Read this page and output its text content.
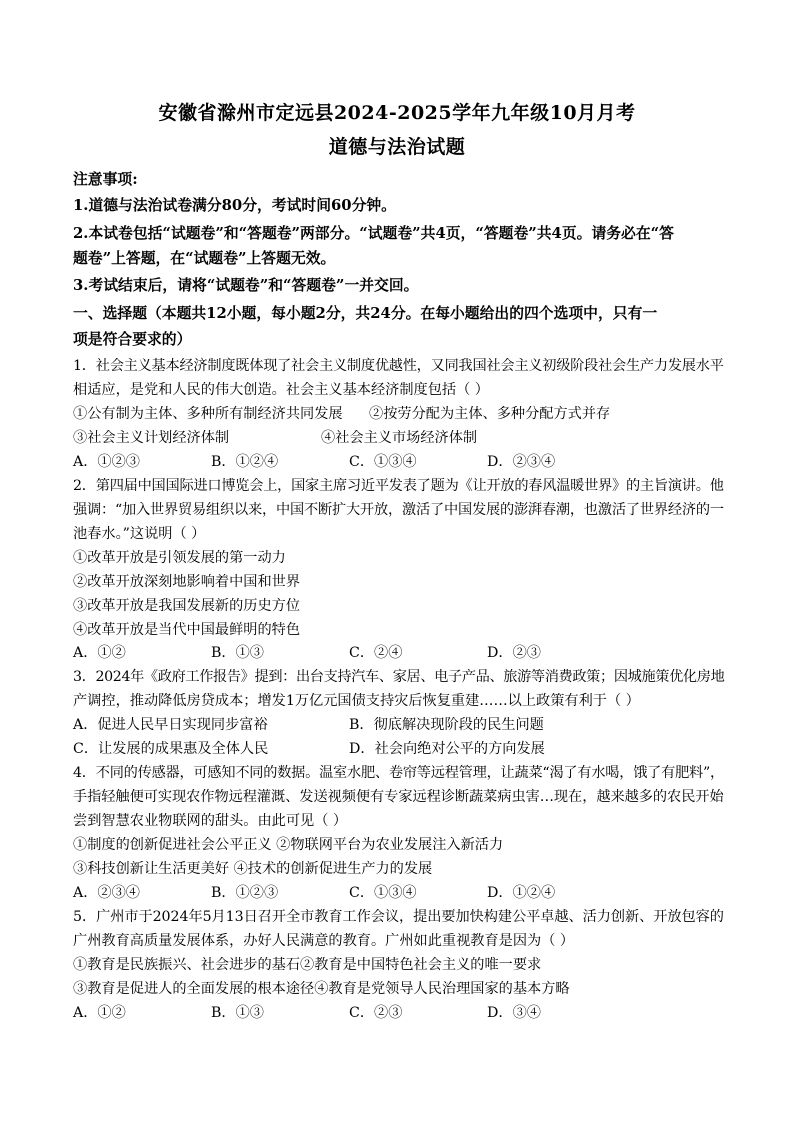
安徽省滁州市定远县2024-2025学年九年级10月月考
道德与法治试题
注意事项:
1.道德与法治试卷满分80分，考试时间60分钟。
2.本试卷包括“试题卷”和“答题卷”两部分。“试题卷”共4页，“答题卷”共4页。请务必在“答
题卷”上答题，在“试题卷”上答题无效。
3.考试结束后，请将“试题卷”和“答题卷”一并交回。
一、选择题（本题共12小题，每小题2分，共24分。在每小题给出的四个选项中，只有一
项是符合要求的）
1．社会主义基本经济制度既体现了社会主义制度优越性，又同我国社会主义初级阶段社会生产力发展水平
相适应，是党和人民的伟大创造。社会主义基本经济制度包括（ ）
①公有制为主体、多种所有制经济共同发展 ②按劳分配为主体、多种分配方式并存
③社会主义计划经济体制	④社会主义市场经济体制
A．①②③	B．①②④	C．①③④	D．②③④
2．第四届中国国际进口博览会上，国家主席习近平发表了题为《让开放的春风温暖世界》的主旨演讲。他
强调：“加入世界贸易组织以来，中国不断扩大开放，激活了中国发展的澎湃春潮，也激活了世界经济的一
池春水。”这说明（ ）
①改革开放是引领发展的第一动力
②改革开放深刻地影响着中国和世界
③改革开放是我国发展新的历史方位
④改革开放是当代中国最鲜明的特色
A．①②	B．①③	C．②④	D．②③
3．2024年《政府工作报告》提到：出台支持汽车、家居、电子产品、旅游等消费政策；因城施策优化房地
产调控，推动降低房贷成本；增发1万亿元国债支持灾后恢复重建……以上政策有利于（ ）
A．促进人民早日实现同步富裕	B．彻底解决现阶段的民生问题
C．让发展的成果惠及全体人民	D．社会向绝对公平的方向发展
4．不同的传感器，可感知不同的数据。温室水肥、卷帘等远程管理，让蔬菜“渴了有水喝，饿了有肥料”，
手指轻触便可实现农作物远程灌溉、发送视频便有专家远程诊断蔬菜病虫害…现在，越来越多的农民开始
尝到智慧农业物联网的甜头。由此可见（ ）
①制度的创新促进社会公平正义 ②物联网平台为农业发展注入新活力
③科技创新让生活更美好 ④技术的创新促进生产力的发展
A．②③④	B．①②③	C．①③④	D．①②④
5．广州市于2024年5月13日召开全市教育工作会议，提出要加快构建公平卓越、活力创新、开放包容的
广州教育高质量发展体系，办好人民满意的教育。广州如此重视教育是因为（ ）
①教育是民族振兴、社会进步的基石②教育是中国特色社会主义的唯一要求
③教育是促进人的全面发展的根本途径④教育是党领导人民治理国家的基本方略
A．①②	B．①③	C．②③	D．③④
